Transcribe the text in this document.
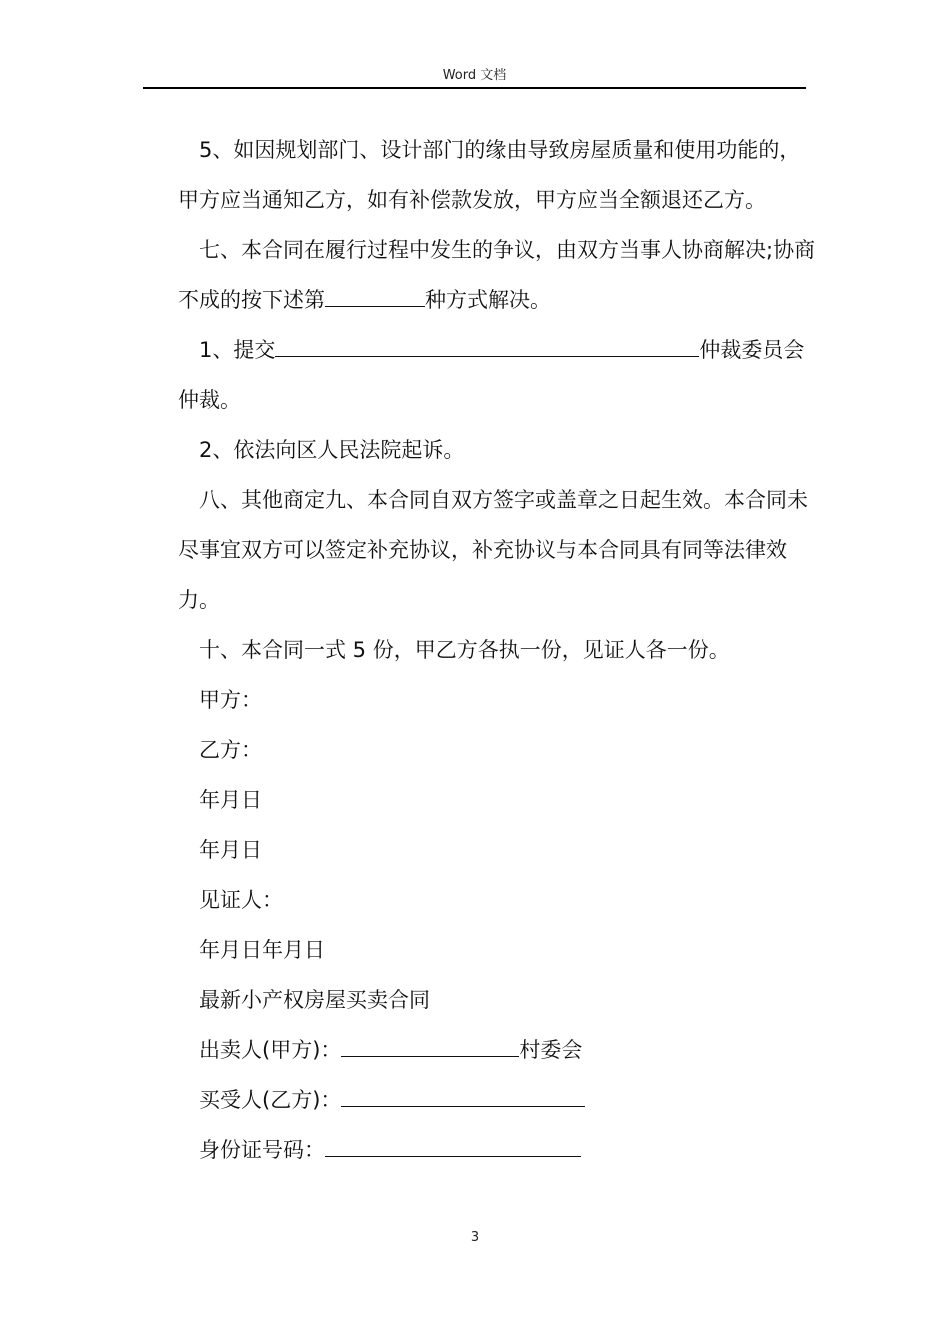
Word 文档

5、如因规划部门、设计部门的缘由导致房屋质量和使用功能的，甲方应当通知乙方，如有补偿款发放，甲方应当全额退还乙方。

七、本合同在履行过程中发生的争议，由双方当事人协商解决;协商不成的按下述第	种方式解决。

1、提交	仲裁委员会仲裁。

2、依法向区人民法院起诉。

八、其他商定九、本合同自双方签字或盖章之日起生效。本合同未尽事宜双方可以签定补充协议，补充协议与本合同具有同等法律效力。

十、本合同一式 5 份，甲乙方各执一份，见证人各一份。

甲方：

乙方：

年月日

年月日

见证人：

年月日年月日

最新小产权房屋买卖合同

出卖人(甲方)：	村委会

买受人(乙方)：

身份证号码：

3
